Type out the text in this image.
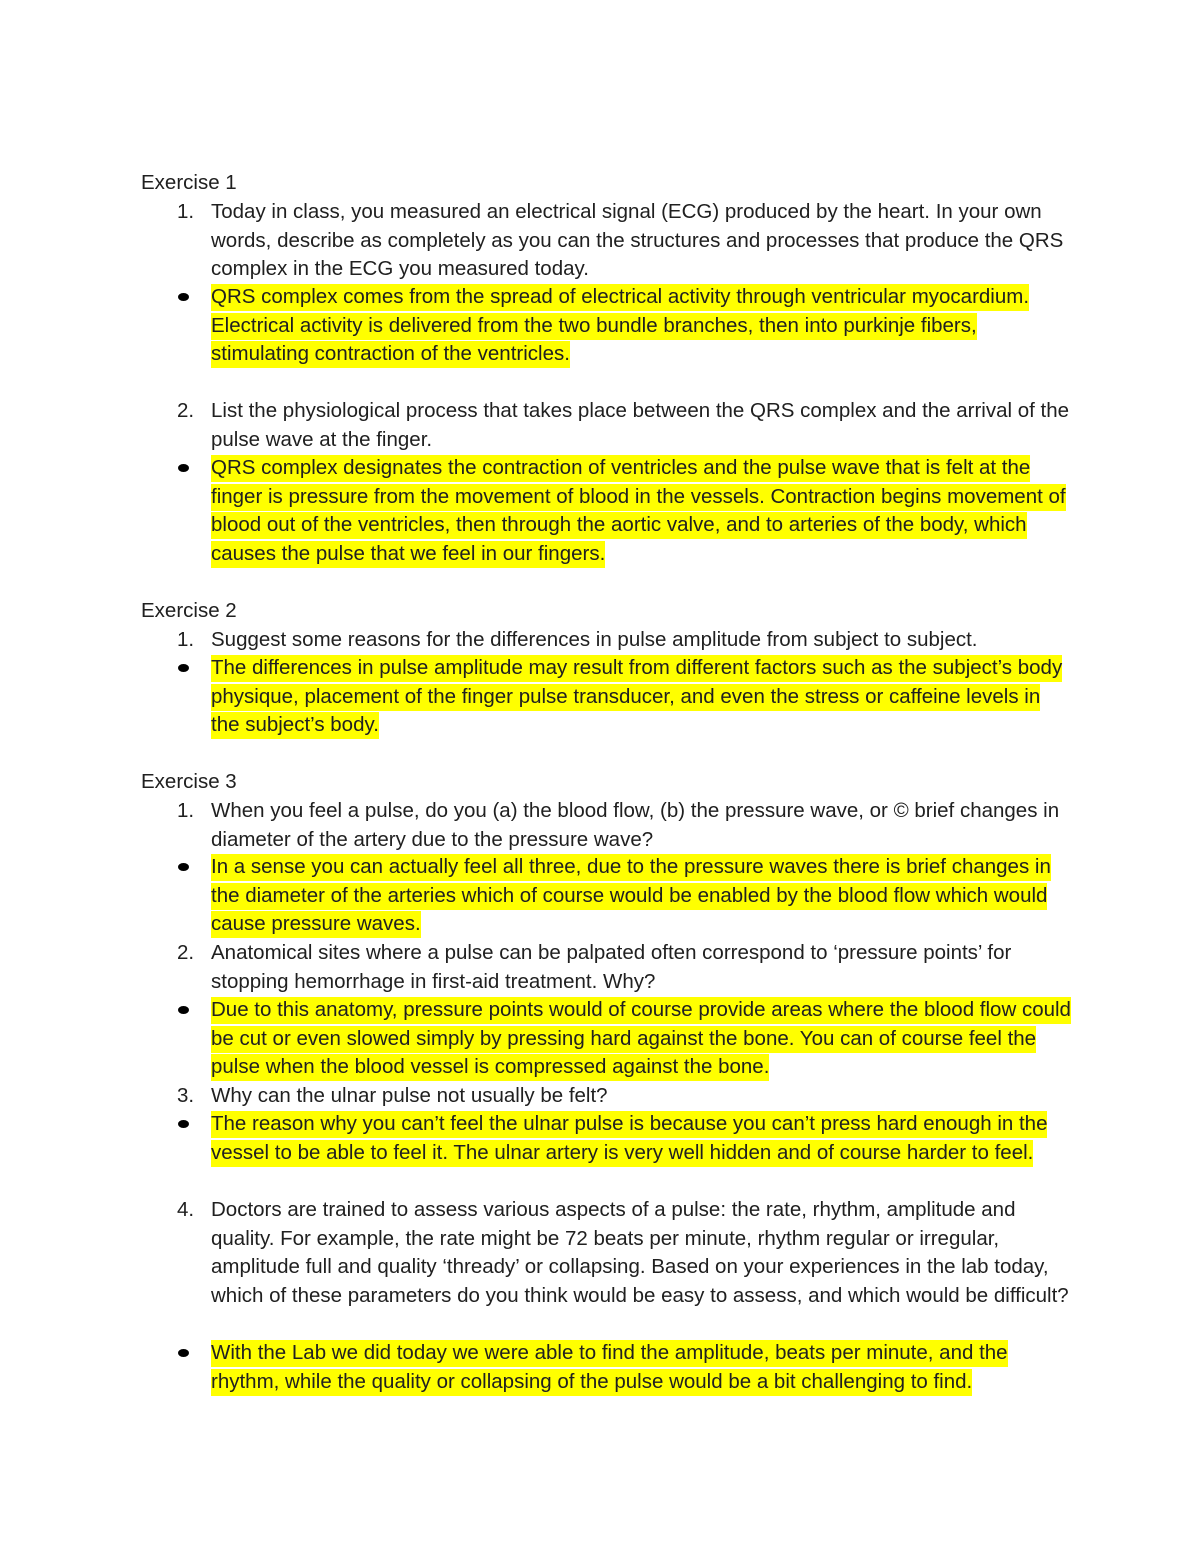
Exercise 1
1. Today in class, you measured an electrical signal (ECG) produced by the heart. In your own words, describe as completely as you can the structures and processes that produce the QRS complex in the ECG you measured today.
QRS complex comes from the spread of electrical activity through ventricular myocardium. Electrical activity is delivered from the two bundle branches, then into purkinje fibers, stimulating contraction of the ventricles.
2. List the physiological process that takes place between the QRS complex and the arrival of the pulse wave at the finger.
QRS complex designates the contraction of ventricles and the pulse wave that is felt at the finger is pressure from the movement of blood in the vessels. Contraction begins movement of blood out of the ventricles, then through the aortic valve, and to arteries of the body, which causes the pulse that we feel in our fingers.
Exercise 2
1. Suggest some reasons for the differences in pulse amplitude from subject to subject.
The differences in pulse amplitude may result from different factors such as the subject’s body physique, placement of the finger pulse transducer, and even the stress or caffeine levels in the subject’s body.
Exercise 3
1. When you feel a pulse, do you (a) the blood flow, (b) the pressure wave, or © brief changes in diameter of the artery due to the pressure wave?
In a sense you can actually feel all three, due to the pressure waves there is brief changes in the diameter of the arteries which of course would be enabled by the blood flow which would cause pressure waves.
2. Anatomical sites where a pulse can be palpated often correspond to ‘pressure points’ for stopping hemorrhage in first-aid treatment. Why?
Due to this anatomy, pressure points would of course provide areas where the blood flow could be cut or even slowed simply by pressing hard against the bone. You can of course feel the pulse when the blood vessel is compressed against the bone.
3. Why can the ulnar pulse not usually be felt?
The reason why you can’t feel the ulnar pulse is because you can’t press hard enough in the vessel to be able to feel it. The ulnar artery is very well hidden and of course harder to feel.
4. Doctors are trained to assess various aspects of a pulse: the rate, rhythm, amplitude and quality. For example, the rate might be 72 beats per minute, rhythm regular or irregular, amplitude full and quality ‘thready’ or collapsing. Based on your experiences in the lab today, which of these parameters do you think would be easy to assess, and which would be difficult?
With the Lab we did today we were able to find the amplitude, beats per minute, and the rhythm, while the quality or collapsing of the pulse would be a bit challenging to find.
